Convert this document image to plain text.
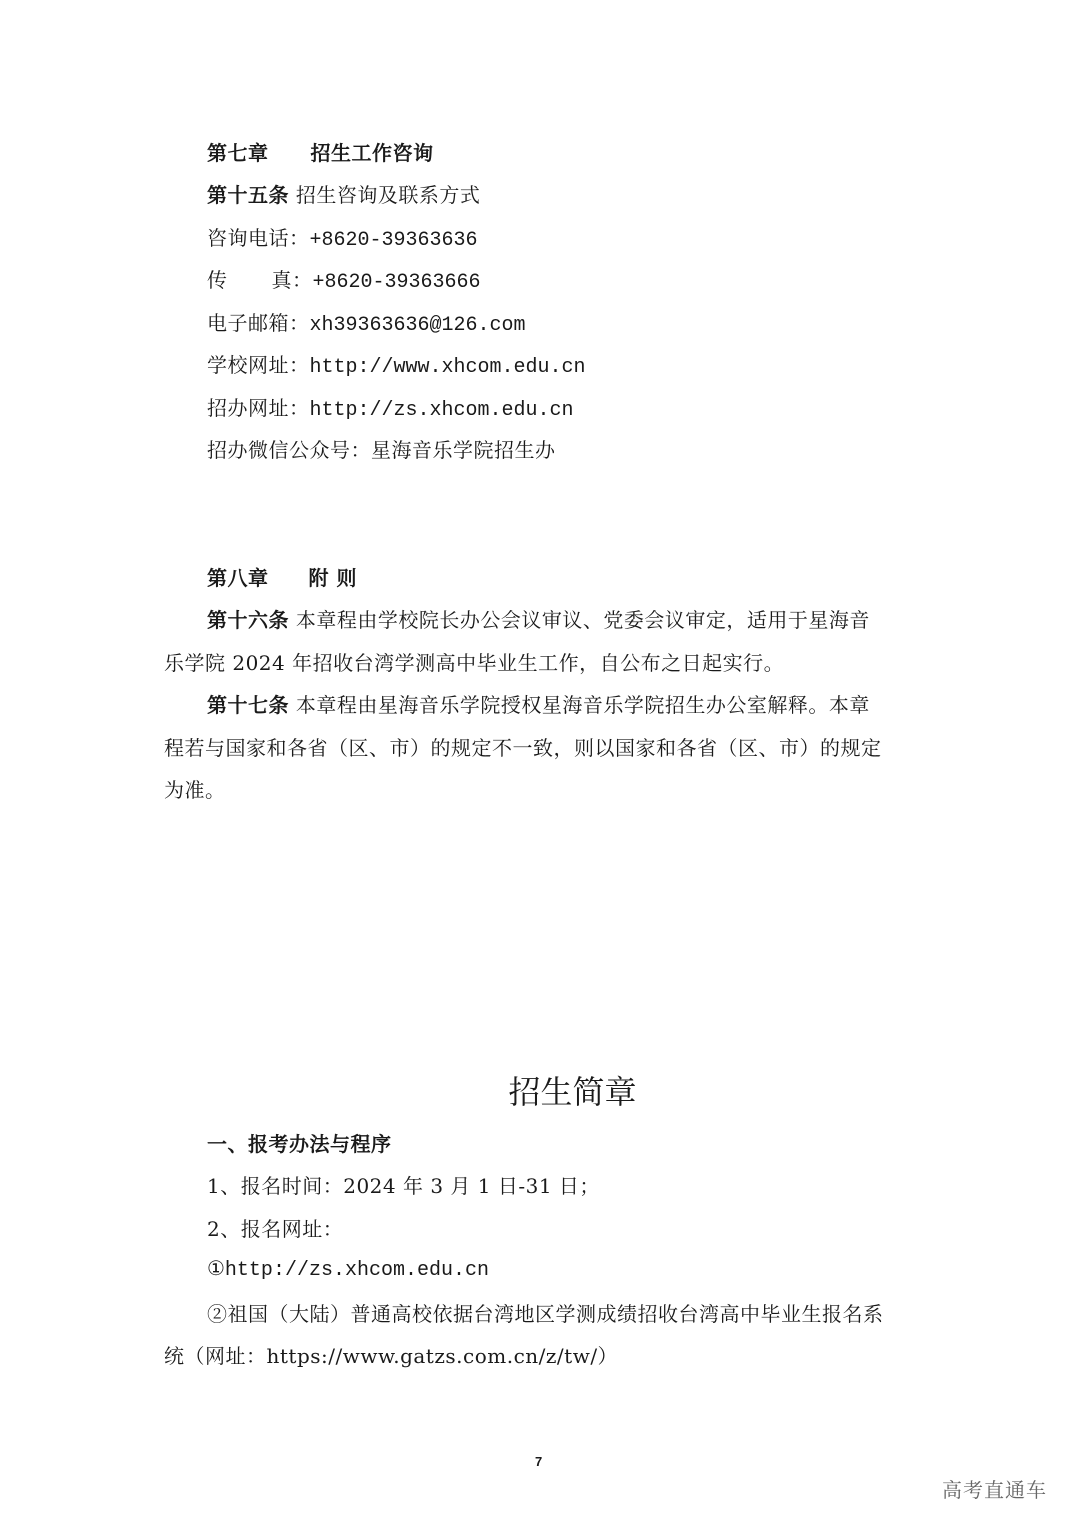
第七章 招生工作咨询
第十五条 招生咨询及联系方式
咨询电话：+8620-39363636
传 真：+8620-39363666
电子邮箱：xh39363636@126.com
学校网址：http://www.xhcom.edu.cn
招办网址：http://zs.xhcom.edu.cn
招办微信公众号：星海音乐学院招生办
第八章 附 则
第十六条 本章程由学校院长办公会议审议、党委会议审定，适用于星海音
乐学院 2024 年招收台湾学测高中毕业生工作，自公布之日起实行。
第十七条 本章程由星海音乐学院授权星海音乐学院招生办公室解释。本章
程若与国家和各省（区、市）的规定不一致，则以国家和各省（区、市）的规定
为准。
招生简章
一、报考办法与程序
1、报名时间：2024 年 3 月 1 日-31 日；
2、报名网址：
①http://zs.xhcom.edu.cn
②祖国（大陆）普通高校依据台湾地区学测成绩招收台湾高中毕业生报名系
统（网址：https://www.gatzs.com.cn/z/tw/）
7
高考直通车
